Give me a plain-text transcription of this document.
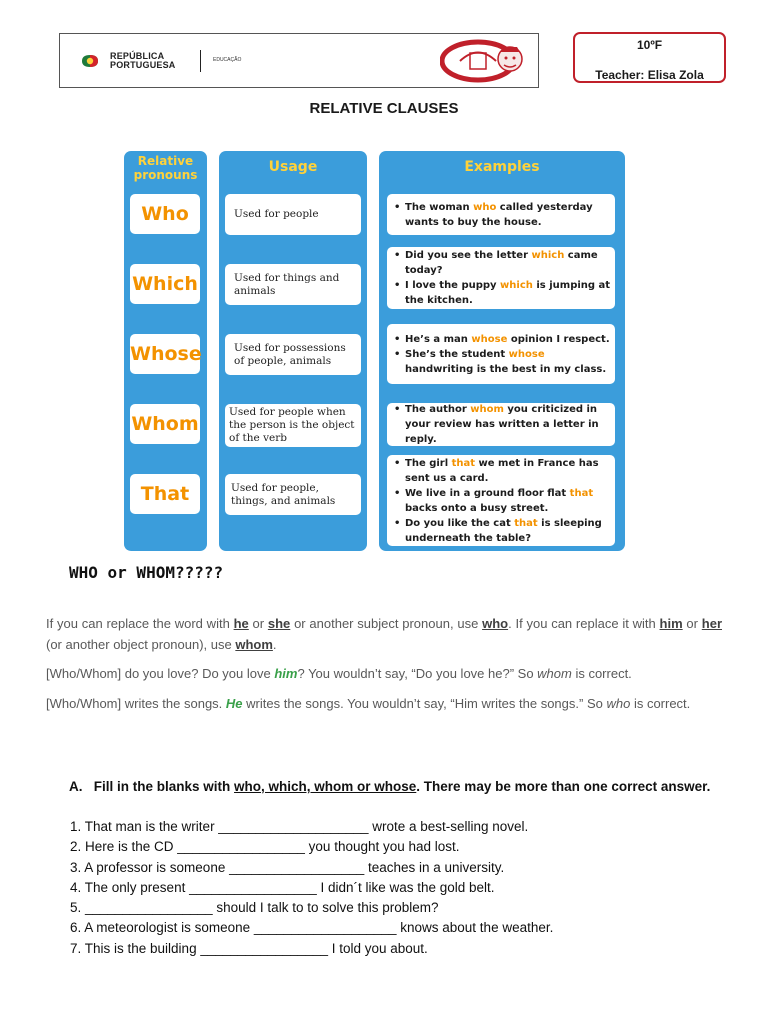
REPÚBLICA
PORTUGUESA	EDUCAÇÃO
10ºF
Teacher: Elisa Zola
RELATIVE CLAUSES
Relative
pronouns
Who
Which
Whose
Whom
That
Usage
Used for people
Used for things and animals
Used for possessions of people, animals
Used for people when the person is the object of the verb
Used for people, things, and animals
Examples
• The woman who called yesterday wants to buy the house.
• Did you see the letter which came today?
• I love the puppy which is jumping at the kitchen.
• He’s a man whose opinion I respect.
• She’s the student whose handwriting is the best in my class.
• The author whom you criticized in your review has written a letter in reply.
• The girl that we met in France has sent us a card.
• We live in a ground floor flat that backs onto a busy street.
• Do you like the cat that is sleeping underneath the table?
WHO or WHOM?????
If you can replace the word with he or she or another subject pronoun, use who. If you can replace it with him or her (or another object pronoun), use whom.
[Who/Whom] do you love? Do you love him? You wouldn’t say, “Do you love he?” So whom is correct.
[Who/Whom] writes the songs. He writes the songs. You wouldn’t say, “Him writes the songs.” So who is correct.
A. Fill in the blanks with who, which, whom or whose. There may be more than one correct answer.
1. That man is the writer ____________________ wrote a best-selling novel.
2. Here is the CD _________________ you thought you had lost.
3. A professor is someone __________________ teaches in a university.
4. The only present _________________ I didn´t like was the gold belt.
5. _________________ should I talk to to solve this problem?
6. A meteorologist is someone ___________________ knows about the weather.
7. This is the building _________________ I told you about.
